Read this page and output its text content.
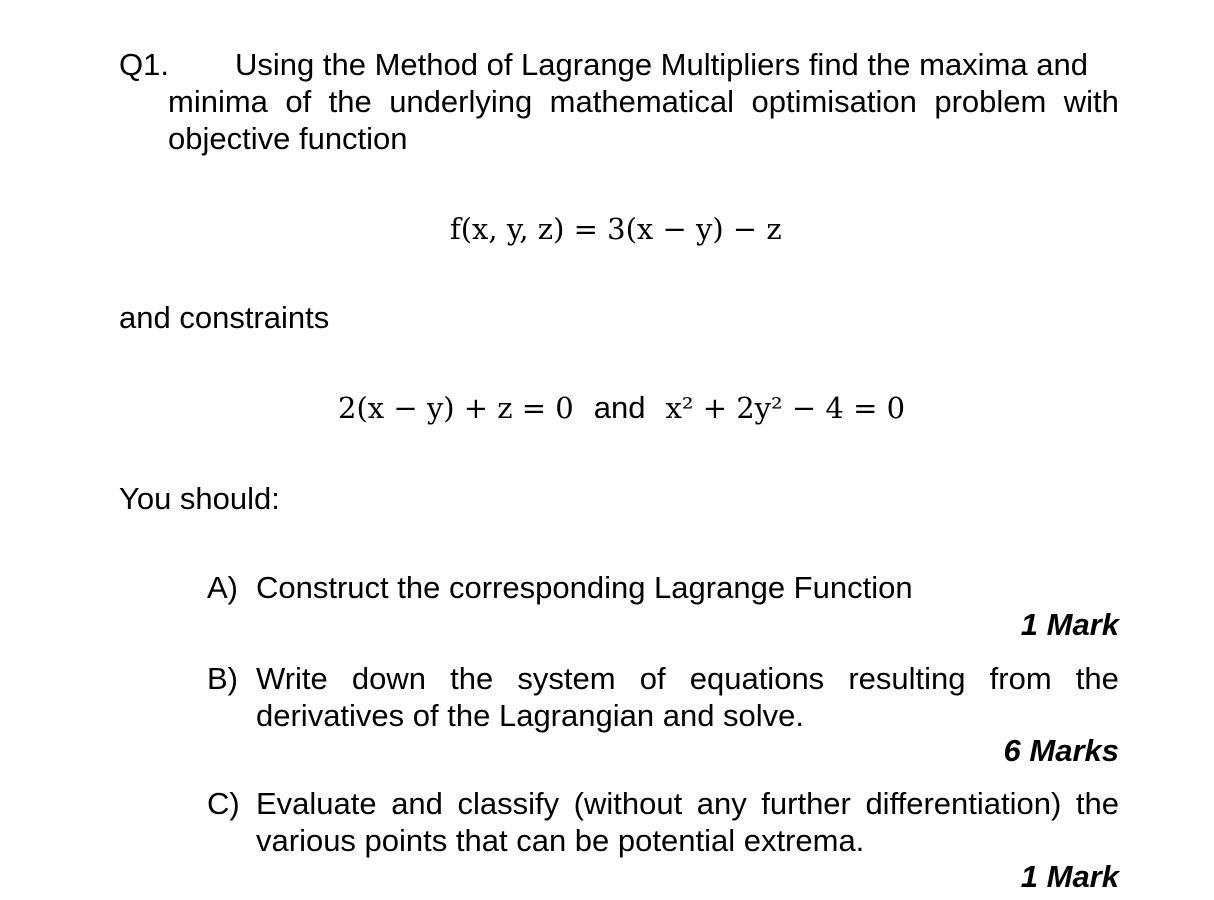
Q1. Using the Method of Lagrange Multipliers find the maxima and
minima of the underlying mathematical optimisation problem with
objective function
f(x, y, z) = 3(x − y) − z
and constraints
2(x − y) + z = 0 and x² + 2y² − 4 = 0
You should:
A) Construct the corresponding Lagrange Function
1 Mark
B) Write down the system of equations resulting from the
derivatives of the Lagrangian and solve.
6 Marks
C) Evaluate and classify (without any further differentiation) the
various points that can be potential extrema.
1 Mark
